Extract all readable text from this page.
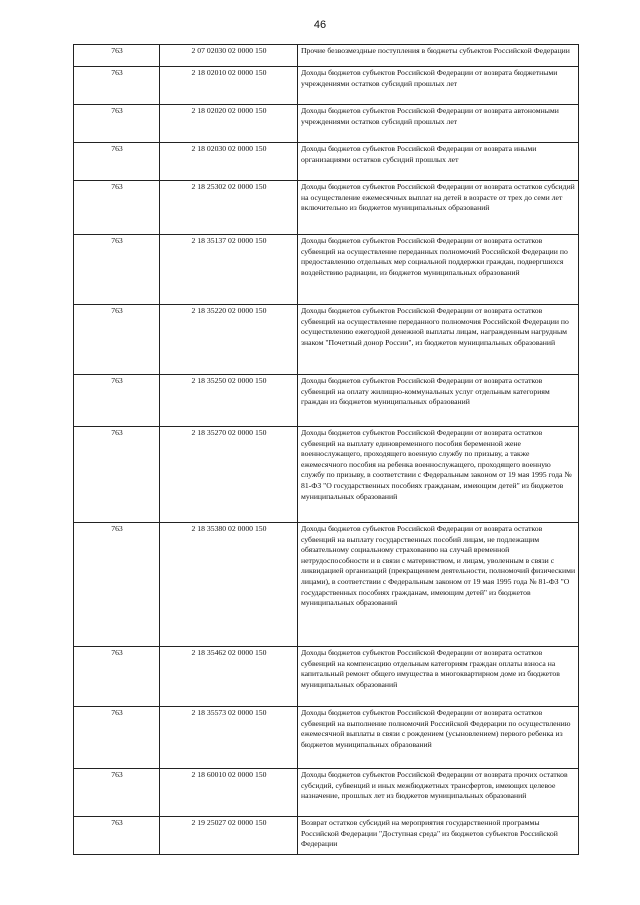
46
763	2 07 02030 02 0000 150	Прочие безвозмездные поступления в бюджеты субъектов Российской Федерации
763	2 18 02010 02 0000 150	Доходы бюджетов субъектов Российской Федерации от возврата бюджетными учреждениями остатков субсидий прошлых лет
763	2 18 02020 02 0000 150	Доходы бюджетов субъектов Российской Федерации от возврата автономными учреждениями остатков субсидий прошлых лет
763	2 18 02030 02 0000 150	Доходы бюджетов субъектов Российской Федерации от возврата иными организациями остатков субсидий прошлых лет
763	2 18 25302 02 0000 150	Доходы бюджетов субъектов Российской Федерации от возврата остатков субсидий на осуществление ежемесячных выплат на детей в возрасте от трех до семи лет включительно из бюджетов муниципальных образований
763	2 18 35137 02 0000 150	Доходы бюджетов субъектов Российской Федерации от возврата остатков субвенций на осуществление переданных полномочий Российской Федерации по предоставлению отдельных мер социальной поддержки граждан, подвергшихся воздействию радиации, из бюджетов муниципальных образований
763	2 18 35220 02 0000 150	Доходы бюджетов субъектов Российской Федерации от возврата остатков субвенций на осуществление переданного полномочия Российской Федерации по осуществлению ежегодной денежной выплаты лицам, награжденным нагрудным знаком "Почетный донор России", из бюджетов муниципальных образований
763	2 18 35250 02 0000 150	Доходы бюджетов субъектов Российской Федерации от возврата остатков субвенций на оплату жилищно-коммунальных услуг отдельным категориям граждан из бюджетов муниципальных образований
763	2 18 35270 02 0000 150	Доходы бюджетов субъектов Российской Федерации от возврата остатков субвенций на выплату единовременного пособия беременной жене военнослужащего, проходящего военную службу по призыву, а также ежемесячного пособия на ребенка военнослужащего, проходящего военную службу по призыву, в соответствии с Федеральным законом от 19 мая 1995 года № 81-ФЗ "О государственных пособиях гражданам, имеющим детей" из бюджетов муниципальных образований
763	2 18 35380 02 0000 150	Доходы бюджетов субъектов Российской Федерации от возврата остатков субвенций на выплату государственных пособий лицам, не подлежащим обязательному социальному страхованию на случай временной нетрудоспособности и в связи с материнством, и лицам, уволенным в связи с ликвидацией организаций (прекращением деятельности, полномочий физическими лицами), в соответствии с Федеральным законом от 19 мая 1995 года № 81-ФЗ "О государственных пособиях гражданам, имеющим детей" из бюджетов муниципальных образований
763	2 18 35462 02 0000 150	Доходы бюджетов субъектов Российской Федерации от возврата остатков субвенций на компенсацию отдельным категориям граждан оплаты взноса на капитальный ремонт общего имущества в многоквартирном доме из бюджетов муниципальных образований
763	2 18 35573 02 0000 150	Доходы бюджетов субъектов Российской Федерации от возврата остатков субвенций на выполнение полномочий Российской Федерации по осуществлению ежемесячной выплаты в связи с рождением (усыновлением) первого ребенка из бюджетов муниципальных образований
763	2 18 60010 02 0000 150	Доходы бюджетов субъектов Российской Федерации от возврата прочих остатков субсидий, субвенций и иных межбюджетных трансфертов, имеющих целевое назначение, прошлых лет из бюджетов муниципальных образований
763	2 19 25027 02 0000 150	Возврат остатков субсидий на мероприятия государственной программы Российской Федерации "Доступная среда" из бюджетов субъектов Российской Федерации
